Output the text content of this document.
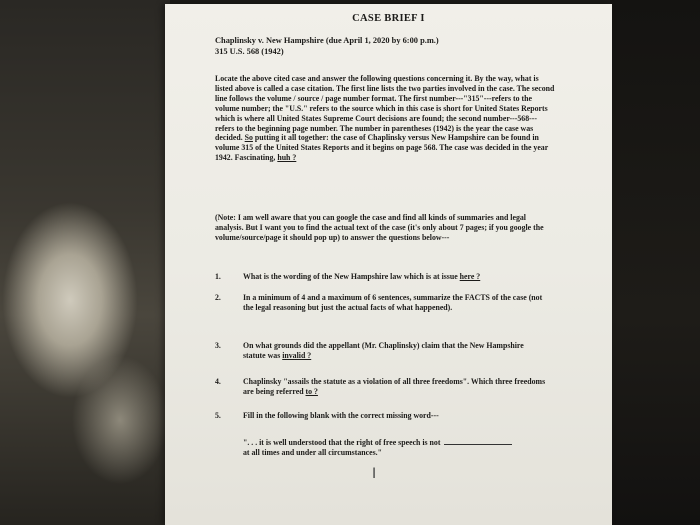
CASE BRIEF I
Chaplinsky v. New Hampshire (due April 1, 2020 by 6:00 p.m.)
315 U.S. 568 (1942)
Locate the above cited case and answer the following questions concerning it. By the way, what is listed above is called a case citation. The first line lists the two parties involved in the case. The second line follows the volume / source / page number format. The first number---"315"---refers to the volume number; the "U.S." refers to the source which in this case is short for United States Reports which is where all United States Supreme Court decisions are found; the second number---568---refers to the beginning page number. The number in parentheses (1942) is the year the case was decided. So putting it all together: the case of Chaplinsky versus New Hampshire can be found in volume 315 of the United States Reports and it begins on page 568. The case was decided in the year 1942. Fascinating, huh ?
(Note: I am well aware that you can google the case and find all kinds of summaries and legal analysis. But I want you to find the actual text of the case (it's only about 7 pages; if you google the volume/source/page it should pop up) to answer the questions below---
1.	What is the wording of the New Hampshire law which is at issue here ?
2.	In a minimum of 4 and a maximum of 6 sentences, summarize the FACTS of the case (not the legal reasoning but just the actual facts of what happened).
3.	On what grounds did the appellant (Mr. Chaplinsky) claim that the New Hampshire statute was invalid ?
4.	Chaplinsky "assails the statute as a violation of all three freedoms". Which three freedoms are being referred to ?
5.	Fill in the following blank with the correct missing word---
". . . it is well understood that the right of free speech is not
at all times and under all circumstances."
I
